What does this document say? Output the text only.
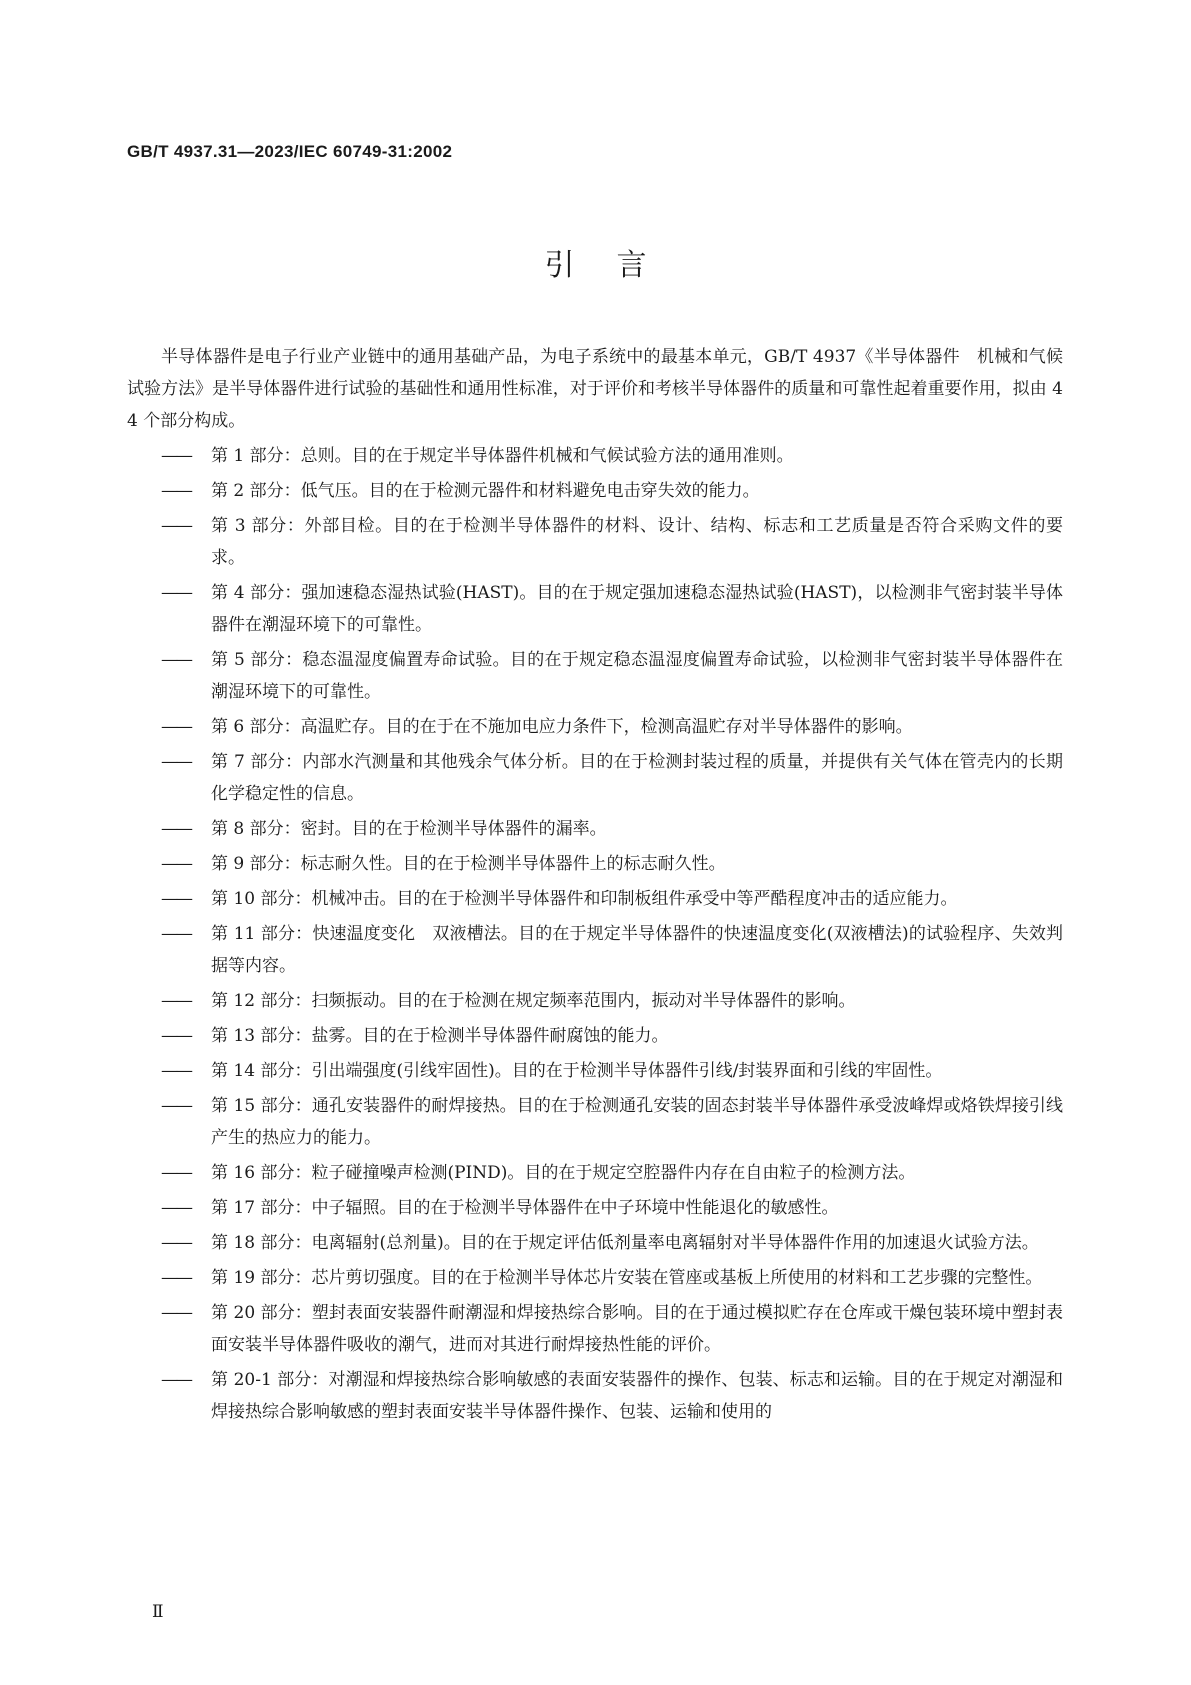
GB/T 4937.31—2023/IEC 60749-31:2002
引言

半导体器件是电子行业产业链中的通用基础产品，为电子系统中的最基本单元，GB/T 4937《半导体器件　机械和气候试验方法》是半导体器件进行试验的基础性和通用性标准，对于评价和考核半导体器件的质量和可靠性起着重要作用，拟由 44 个部分构成。

——	第 1 部分：总则。目的在于规定半导体器件机械和气候试验方法的通用准则。
——	第 2 部分：低气压。目的在于检测元器件和材料避免电击穿失效的能力。
——	第 3 部分：外部目检。目的在于检测半导体器件的材料、设计、结构、标志和工艺质量是否符合采购文件的要求。
——	第 4 部分：强加速稳态湿热试验(HAST)。目的在于规定强加速稳态湿热试验(HAST)，以检测非气密封装半导体器件在潮湿环境下的可靠性。
——	第 5 部分：稳态温湿度偏置寿命试验。目的在于规定稳态温湿度偏置寿命试验，以检测非气密封装半导体器件在潮湿环境下的可靠性。
——	第 6 部分：高温贮存。目的在于在不施加电应力条件下，检测高温贮存对半导体器件的影响。
——	第 7 部分：内部水汽测量和其他残余气体分析。目的在于检测封装过程的质量，并提供有关气体在管壳内的长期化学稳定性的信息。
——	第 8 部分：密封。目的在于检测半导体器件的漏率。
——	第 9 部分：标志耐久性。目的在于检测半导体器件上的标志耐久性。
——	第 10 部分：机械冲击。目的在于检测半导体器件和印制板组件承受中等严酷程度冲击的适应能力。
——	第 11 部分：快速温度变化　双液槽法。目的在于规定半导体器件的快速温度变化(双液槽法)的试验程序、失效判据等内容。
——	第 12 部分：扫频振动。目的在于检测在规定频率范围内，振动对半导体器件的影响。
——	第 13 部分：盐雾。目的在于检测半导体器件耐腐蚀的能力。
——	第 14 部分：引出端强度(引线牢固性)。目的在于检测半导体器件引线/封装界面和引线的牢固性。
——	第 15 部分：通孔安装器件的耐焊接热。目的在于检测通孔安装的固态封装半导体器件承受波峰焊或烙铁焊接引线产生的热应力的能力。
——	第 16 部分：粒子碰撞噪声检测(PIND)。目的在于规定空腔器件内存在自由粒子的检测方法。
——	第 17 部分：中子辐照。目的在于检测半导体器件在中子环境中性能退化的敏感性。
——	第 18 部分：电离辐射(总剂量)。目的在于规定评估低剂量率电离辐射对半导体器件作用的加速退火试验方法。
——	第 19 部分：芯片剪切强度。目的在于检测半导体芯片安装在管座或基板上所使用的材料和工艺步骤的完整性。
——	第 20 部分：塑封表面安装器件耐潮湿和焊接热综合影响。目的在于通过模拟贮存在仓库或干燥包装环境中塑封表面安装半导体器件吸收的潮气，进而对其进行耐焊接热性能的评价。
——	第 20-1 部分：对潮湿和焊接热综合影响敏感的表面安装器件的操作、包装、标志和运输。目的在于规定对潮湿和焊接热综合影响敏感的塑封表面安装半导体器件操作、包装、运输和使用的
Ⅱ
